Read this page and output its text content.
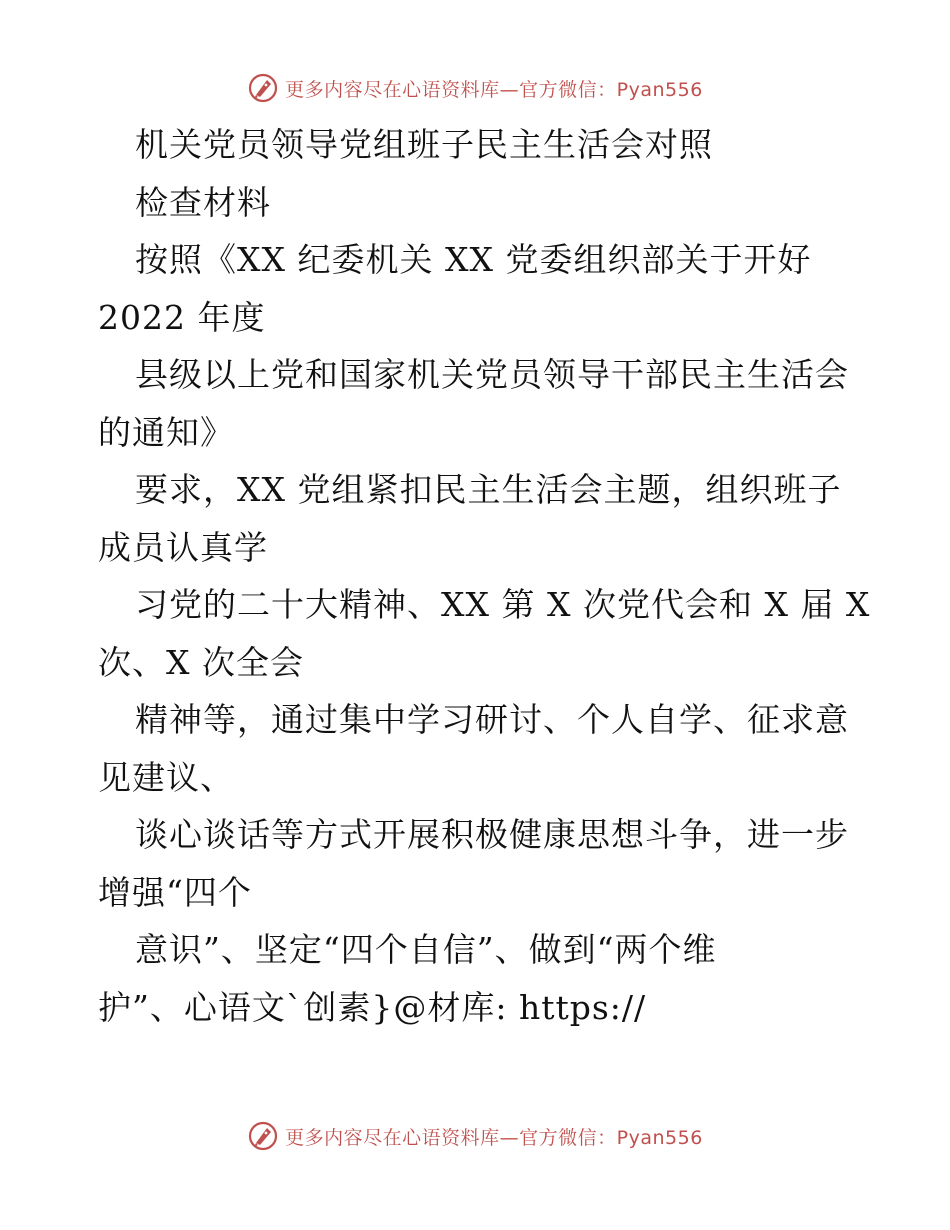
更多内容尽在心语资料库—官方微信：Pyan556
机关党员领导党组班子民主生活会对照
检查材料
按照《XX 纪委机关 XX 党委组织部关于开好
2022 年度
县级以上党和国家机关党员领导干部民主生活会
的通知》
要求，XX 党组紧扣民主生活会主题，组织班子
成员认真学
习党的二十大精神、XX 第 X 次党代会和 X 届 X
次、X 次全会
精神等，通过集中学习研讨、个人自学、征求意
见建议、
谈心谈话等方式开展积极健康思想斗争，进一步
增强“四个
意识”、坚定“四个自信”、做到“两个维
护”、心语文`创素}@材库: https://
更多内容尽在心语资料库—官方微信：Pyan556
